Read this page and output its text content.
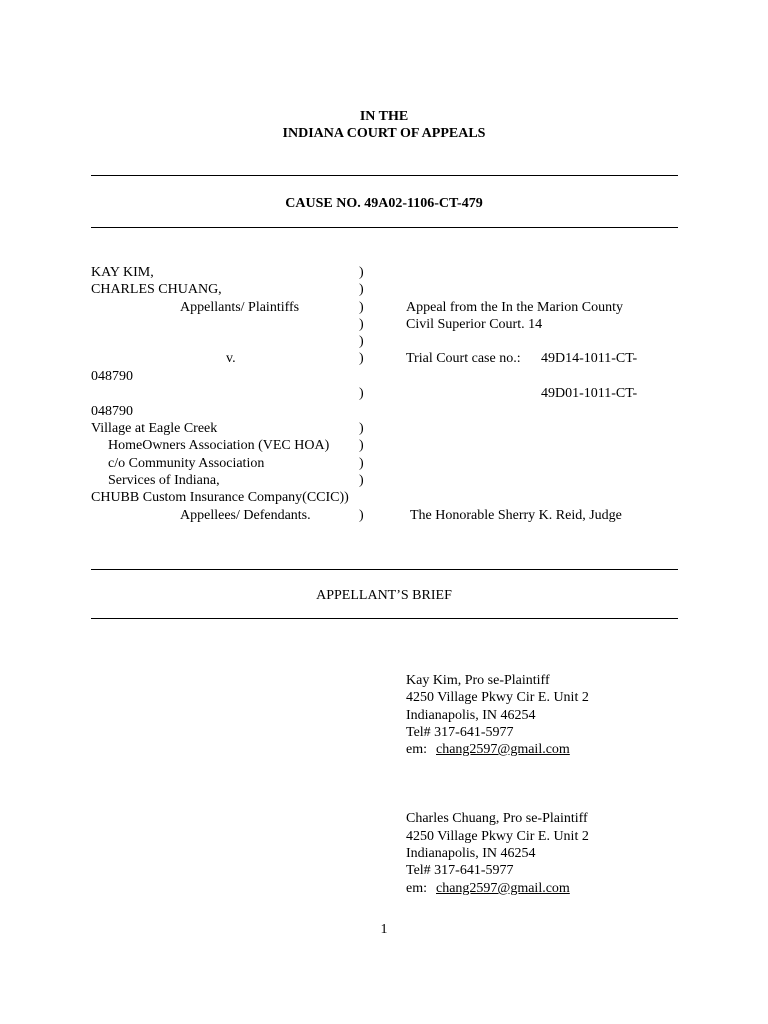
IN THE
INDIANA COURT OF APPEALS
CAUSE NO. 49A02-1106-CT-479
KAY KIM,
CHARLES CHUANG,
Appellants/ Plaintiffs
v.
048790
048790
Village at Eagle Creek
HomeOwners Association (VEC HOA)
c/o Community Association
Services of Indiana,
CHUBB Custom Insurance Company(CCIC))
Appellees/ Defendants.
)
)
)
)
)
)
)
)
)
)
)
)
Appeal from the In the Marion County
Civil Superior Court. 14
Trial Court case no.: 49D14-1011-CT-
49D01-1011-CT-
The Honorable Sherry K. Reid, Judge
APPELLANT’S BRIEF
Kay Kim, Pro se-Plaintiff
4250 Village Pkwy Cir E. Unit 2
Indianapolis, IN 46254
Tel# 317-641-5977
em: chang2597@gmail.com
Charles Chuang, Pro se-Plaintiff
4250 Village Pkwy Cir E. Unit 2
Indianapolis, IN 46254
Tel# 317-641-5977
em: chang2597@gmail.com
1
